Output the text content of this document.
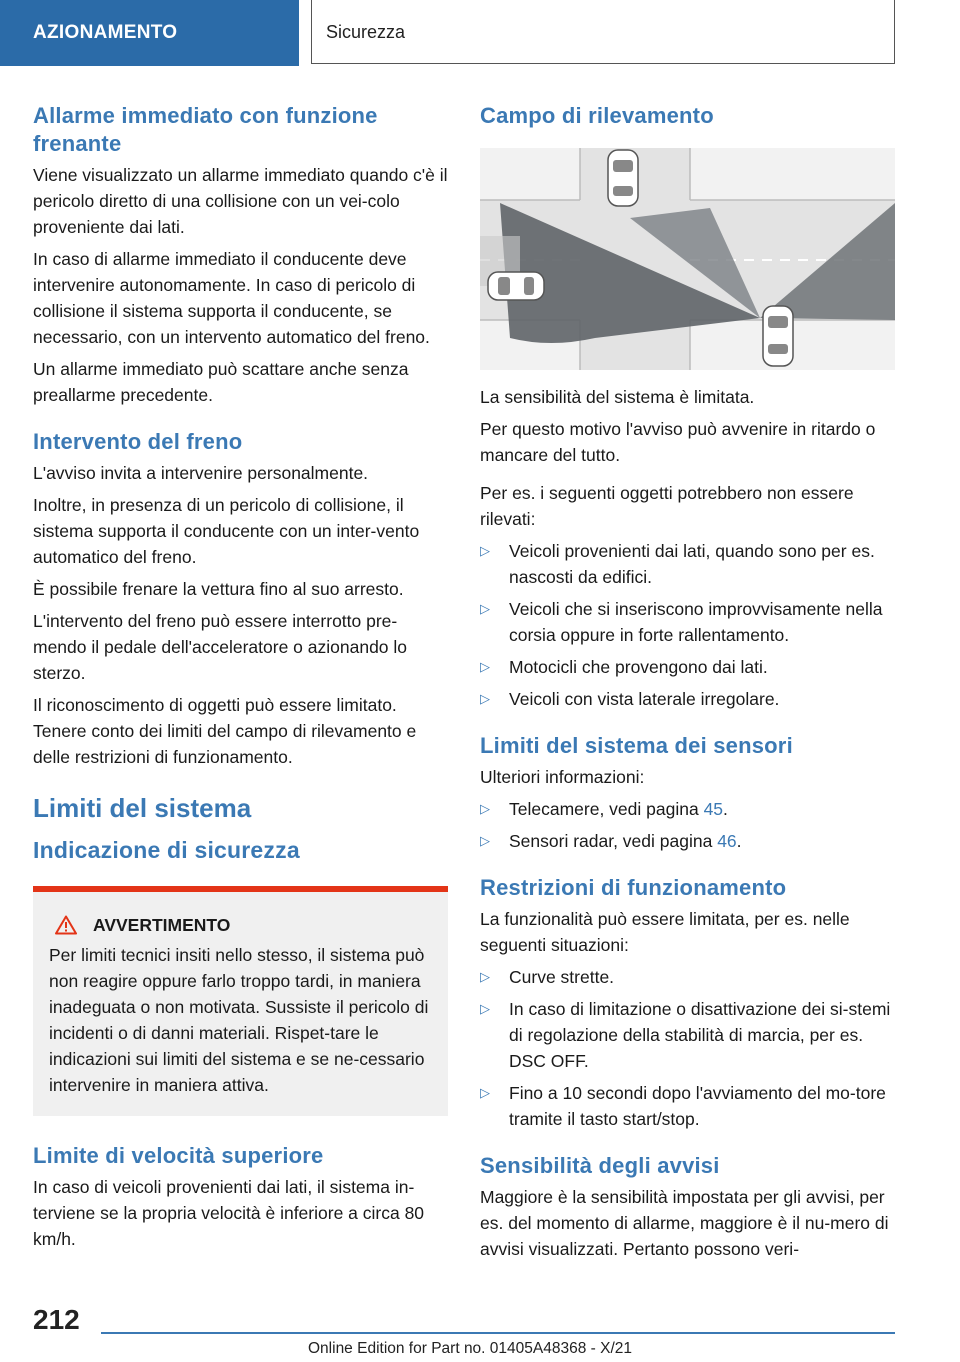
AZIONAMENTO	Sicurezza
Allarme immediato con funzione frenante

Viene visualizzato un allarme immediato quando c'è il pericolo diretto di una collisione con un vei-colo proveniente dai lati.

In caso di allarme immediato il conducente deve intervenire autonomamente. In caso di pericolo di collisione il sistema supporta il conducente, se necessario, con un intervento automatico del freno.

Un allarme immediato può scattare anche senza preallarme precedente.

Intervento del freno

L'avviso invita a intervenire personalmente.

Inoltre, in presenza di un pericolo di collisione, il sistema supporta il conducente con un inter-vento automatico del freno.

È possibile frenare la vettura fino al suo arresto.

L'intervento del freno può essere interrotto pre-mendo il pedale dell'acceleratore o azionando lo sterzo.

Il riconoscimento di oggetti può essere limitato. Tenere conto dei limiti del campo di rilevamento e delle restrizioni di funzionamento.

Limiti del sistema
Indicazione di sicurezza
AVVERTIMENTO

Per limiti tecnici insiti nello stesso, il sistema può non reagire oppure farlo troppo tardi, in maniera inadeguata o non motivata. Sussiste il pericolo di incidenti o di danni materiali. Rispet-tare le indicazioni sui limiti del sistema e se ne-cessario intervenire in maniera attiva.

Limite di velocità superiore

In caso di veicoli provenienti dai lati, il sistema in-terviene se la propria velocità è inferiore a circa 80 km/h.

Campo di rilevamento

La sensibilità del sistema è limitata.

Per questo motivo l'avviso può avvenire in ritardo o mancare del tutto.

Per es. i seguenti oggetti potrebbero non essere rilevati:

▷ Veicoli provenienti dai lati, quando sono per es. nascosti da edifici.
▷ Veicoli che si inseriscono improvvisamente nella corsia oppure in forte rallentamento.
▷ Motocicli che provengono dai lati.
▷ Veicoli con vista laterale irregolare.
Limiti del sistema dei sensori

Ulteriori informazioni:

▷ Telecamere, vedi pagina 45.
▷ Sensori radar, vedi pagina 46.
Restrizioni di funzionamento

La funzionalità può essere limitata, per es. nelle seguenti situazioni:

▷ Curve strette.
▷ In caso di limitazione o disattivazione dei si-stemi di regolazione della stabilità di marcia, per es. DSC OFF.
▷ Fino a 10 secondi dopo l'avviamento del mo-tore tramite il tasto start/stop.
Sensibilità degli avvisi

Maggiore è la sensibilità impostata per gli avvisi, per es. del momento di allarme, maggiore è il nu-mero di avvisi visualizzati. Pertanto possono veri-

212
Online Edition for Part no. 01405A48368 - X/21
